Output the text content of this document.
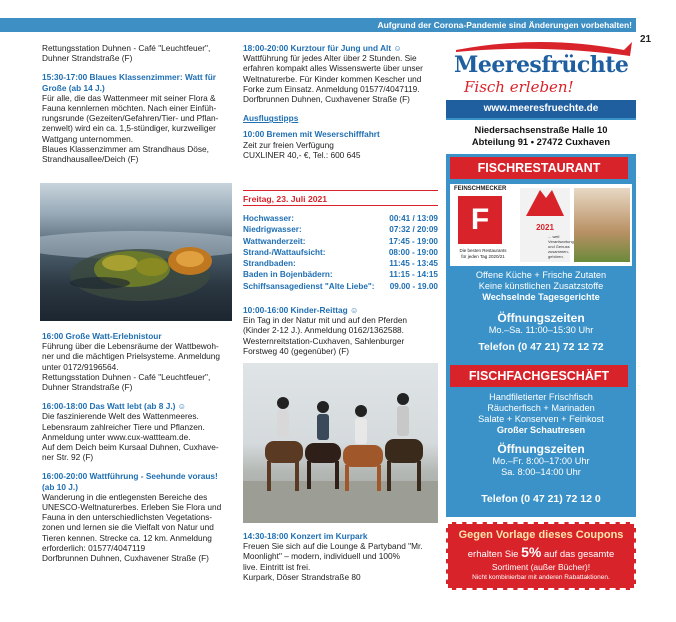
Aufgrund der Corona-Pandemie sind Änderungen vorbehalten!
21

Rettungsstation Duhnen - Café "Leuchtfeuer",

Duhner Strandstraße (F)

15:30-17:00 Blaues Klassenzimmer: Watt für

Große (ab 14 J.)

Für alle, die das Wattenmeer mit seiner Flora &

Fauna kennlernen möchten. Nach einer Einfüh-

rungsrunde (Gezeiten/Gefahren/Tier- und Pflan-

zenwelt) wird ein ca. 1,5-stündiger, kurzweiliger

Wattgang unternommen.

Blaues Klassenzimmer am Strandhaus Döse,

Strandhausallee/Deich (F)

16:00 Große Watt-Erlebnistour

Führung über die Lebensräume der Wattbewoh-

ner und die mächtigen Prielsysteme. Anmeldung

unter 0172/9196564.

Rettungsstation Duhnen - Café "Leuchtfeuer",

Duhner Strandstraße (F)

16:00-18:00 Das Watt lebt (ab 8 J.) ☺

Die faszinierende Welt des Wattenmeeres.

Lebensraum zahlreicher Tiere und Pflanzen.

Anmeldung unter www.cux-wattteam.de.

Auf dem Deich beim Kursaal Duhnen, Cuxhave-

ner Str. 92 (F)

16:00-20:00 Wattführung - Seehunde voraus!

(ab 10 J.)

Wanderung in die entlegensten Bereiche des

UNESCO-Weltnaturerbes. Erleben Sie Flora und

Fauna in den unterschiedlichsten Vegetations-

zonen und lernen sie die Vielfalt von Natur und

Tieren kennen. Strecke ca. 12 km. Anmeldung

erforderlich: 01577/4047119

Dorfbrunnen Duhnen, Cuxhavener Straße (F)

18:00-20:00 Kurztour für Jung und Alt ☺

Wattführung für jedes Alter über 2 Stunden. Sie

erfahren kompakt alles Wissenswerte über unser

Weltnaturerbe. Für Kinder kommen Kescher und

Forke zum Einsatz. Anmeldung 01577/4047119.

Dorfbrunnen Duhnen, Cuxhavener Straße (F)

Ausflugstipps

10:00 Bremen mit Weserschifffahrt

Zeit zur freien Verfügung

CUXLINER 40,- €, Tel.: 600 645

Freitag, 23. Juli 2021
Hochwasser:	00:41 / 13:09
Niedrigwasser:	07:32 / 20:09
Wattwanderzeit:	17:45 - 19:00
Strand-/Wattaufsicht:	08:00 - 19:00
Strandbaden:	11:45 - 13:45
Baden in Bojenbädern:	11:15 - 14:15
Schiffsansagedienst "Alte Liebe": 09.00 - 19.00

10:00-16:00 Kinder-Reittag ☺

Ein Tag in der Natur mit und auf den Pferden

(Kinder 2-12 J.). Anmeldung 0162/1362588.

Westernreitstation-Cuxhaven, Sahlenburger

Forstweg 40 (gegenüber) (F)

14:30-18:00 Konzert im Kurpark

Freuen Sie sich auf die Lounge & Partyband "Mr.

Moonlight" – modern, individuell und 100%

live. Eintritt ist frei.

Kurpark, Döser Strandstraße 80

Meeresfrüchte
Fisch erleben!
www.meeresfruechte.de
Niedersachsenstraße Halle 10
Abteilung 91 • 27472 Cuxhaven
FISCHRESTAURANT
FEINSCHMECKER
F
Die besten Restaurants
für jeden Tag 2020/21
2021
... weil
Verantwortung
und Genuss
zusammen-
gehören.
Offene Küche + Frische Zutaten
Keine künstlichen Zusatzstoffe
Wechselnde Tagesgerichte
Öffnungszeiten
Mo.–Sa. 11:00–15:30 Uhr
Telefon (0 47 21) 72 12 72
FISCHFACHGESCHÄFT
Handfiletierter Frischfisch
Räucherfisch + Marinaden
Salate + Konserven + Feinkost
Großer Schautresen
Öffnungszeiten
Mo.–Fr. 8:00–17:00 Uhr
Sa. 8:00–14:00 Uhr
Telefon (0 47 21) 72 12 0
Gegen Vorlage dieses Coupons
erhalten Sie 5% auf das gesamte
Sortiment (außer Bücher)!
Nicht kombinierbar mit anderen Rabattaktionen.
